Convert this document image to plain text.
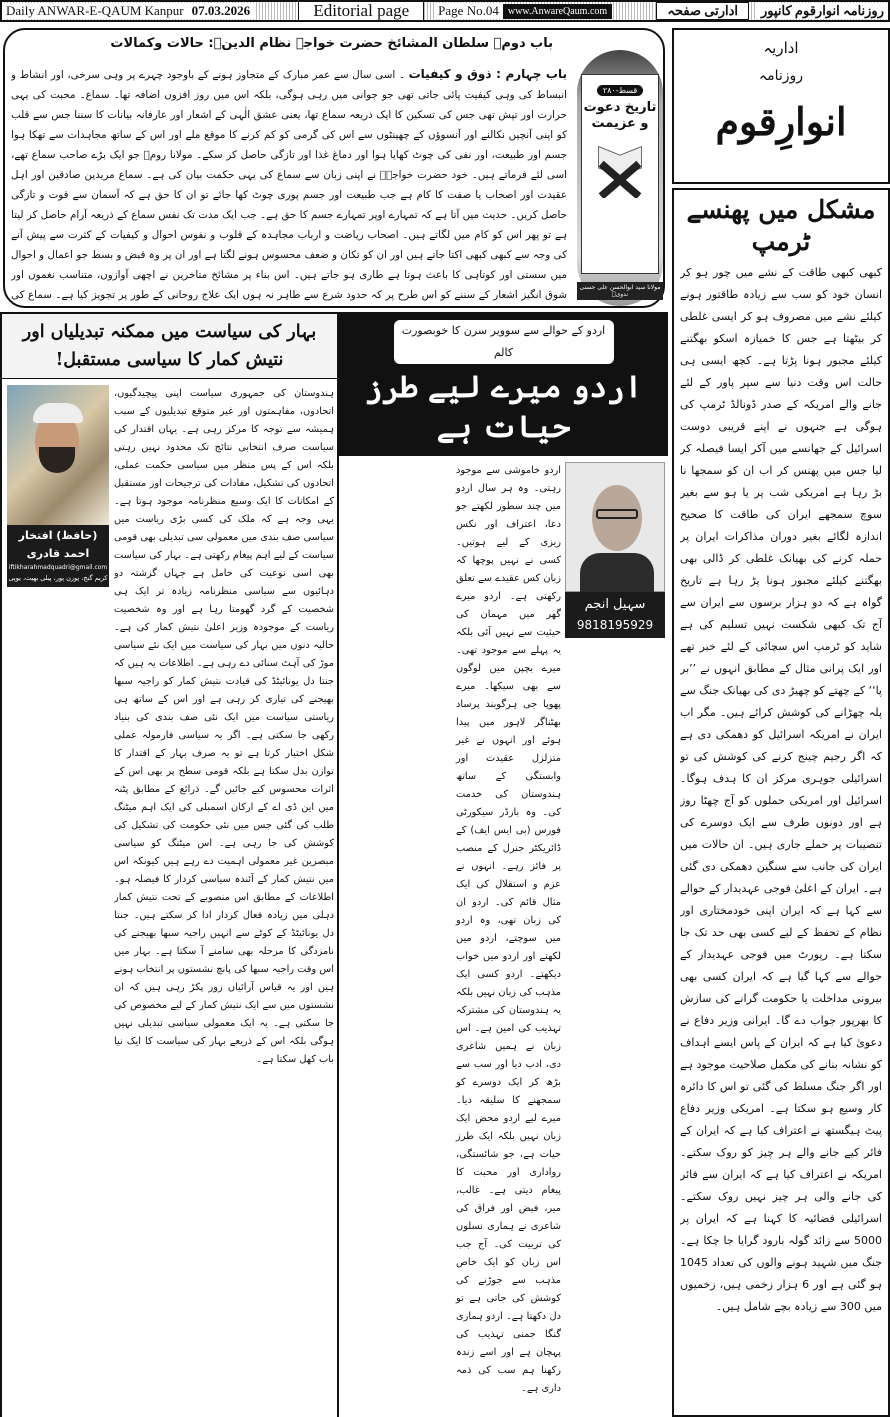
Daily ANWAR-E-QAUM Kanpur 07.03.2026	Editorial page	Page No.04 www.AnwareQaum.com	ادارتی صفحہ	روزنامہ انوارقوم کانپور
باب دوم۔ سلطان المشائخ حضرت خواجہ نظام الدینؒ: حالات وکمالات
باب چہارم : ذوق و کیفیات ۔ اسی سال سے عمر مبارک کے متجاوز ہونے کے باوجود چہرے پر وہی سرخی، اور انشاط و انبساط کی وہی کیفیت پائی جاتی تھی جو جوانی میں رہی ہوگی، بلکہ اس میں روز افزوں اضافہ تھا۔ سماع۔ محبت کی یہی حرارت اور تپش تھی جس کی تسکین کا ایک ذریعہ سماع تھا، یعنی عشق الٰہی کے اشعار اور عارفانہ بیانات کا سننا جس سے قلب کو اپنی آنچیں نکالنے اور آنسوؤں کے چھینٹوں سے اس کی گرمی کو کم کرنے کا موقع ملے اور اس کے ساتھ مجاہدات سے تھکا ہوا جسم اور طبیعت، اور نفی کی چوٹ کھایا ہوا اور دماغ غذا اور تازگی حاصل کر سکے۔ مولانا رومؒ جو ایک بڑے صاحب سماع تھے، اسی لئے فرماتے ہیں۔ خود حضرت خواجہؒ نے اپنی زبان سے سماع کی یہی حکمت بیان کی ہے۔ سماع مریدین صادقین اور اہل عقیدت اور اصحاب یا صفت کا کام ہے جب طبیعت اور جسم پوری چوٹ کھا جائے تو ان کا حق ہے کہ آسمان سے قوت و تازگی حاصل کریں۔ حدیث میں آتا ہے کہ تمہارے اوپر تمہارے جسم کا حق ہے۔ جب ایک مدت تک نفس سماع کے ذریعہ آرام حاصل کر لیتا ہے تو پھر اس کو کام میں لگاتے ہیں۔ اصحاب ریاضت و ارباب مجاہدہ کے قلوب و نفوس احوال و کیفیات کے کثرت سے پیش آنے کی وجہ سے کبھی کبھی اکتا جاتے ہیں اور ان کو تکان و ضعف محسوس ہونے لگتا ہے اور ان پر وہ قبض و بسط جو اعمال و احوال میں سستی اور کوتاہی کا باعث ہوتا ہے طاری ہو جاتے ہیں۔ اس بناء پر مشائخ متاخرین نے اچھی آوازوں، متناسب نغموں اور شوق انگیز اشعار کے سننے کو اس طرح پر کہ حدود شرع سے طاہر نہ ہوں ایک علاج روحانی کے طور پر تجویز کیا ہے۔ سماع کی
قسط-۲۸۰
تاریخ دعوت و عزیمت
مولانا سید ابوالحسن علی حسنی ندویؒ
اداریہ
روزنامہ
انوارِقوم
مشکل میں پھنسے ٹرمپ
کبھی کبھی طاقت کے نشے میں چور ہو کر انسان خود کو سب سے زیادہ طاقتور ہونے کیلئے نشے میں مصروف ہو کر ایسی غلطی کر بیٹھتا ہے جس کا خمیازہ اسکو بھگتنے کیلئے مجبور ہونا پڑتا ہے۔ کچھ ایسی ہی حالت اس وقت دنیا سے سپر پاور کے لئے جانے والے امریکہ کے صدر ڈونالڈ ٹرمپ کی ہوگی ہے جنہوں نے اپنے قریبی دوست اسرائیل کے جھانسے میں آکر ایسا فیصلہ کر لیا جس میں پھنس کر اب ان کو سمجھا نا بڑ رہا ہے امریکی شب پر یا ہو سے بغیر سوچ سمجھے ایران کی طاقت کا صحیح اندازہ لگائے بغیر دوران مذاکرات ایران پر حملہ کرنے کی بھیانک غلطی کر ڈالی بھی بھگتنے کیلئے مجبور ہونا پڑ رہا ہے تاریخ گواہ ہے کہ دو ہزار برسوں سے ایران سے آج تک کبھی شکست نہیں تسلیم کی ہے شاید کو ٹرمپ اس سچائی کے لئے خبر تھے اور ایک پرانی مثال کے مطابق انہوں نے ’’بر پا‘‘ کے چھتے کو چھیڑ دی کی بھیانک جنگ سے پلہ چھڑانے کی کوشش کرائے ہیں۔ مگر اب ایران نے امریکہ اسرائیل کو دھمکی دی ہے کہ اگر رجیم چینج کرنے کی کوشش کی تو اسرائیلی جوہری مرکز ان کا ہدف ہوگا۔ اسرائیل اور امریکی حملوں کو آج چھٹا روز ہے اور دونوں طرف سے ایک دوسرے کی تنصیبات پر حملے جاری ہیں۔ ان حالات میں ایران کی جانب سے سنگین دھمکی دی گئی ہے۔ ایران کے اعلیٰ فوجی عہدیدار کے حوالے سے کہا ہے کہ ایران اپنی خودمختاری اور نظام کے تحفظ کے لیے کسی بھی حد تک جا سکتا ہے۔ رپورٹ میں فوجی عہدیدار کے حوالے سے کہا گیا ہے کہ ایران کسی بھی بیرونی مداخلت یا حکومت گرانے کی سازش کا بھرپور جواب دے گا۔ ایرانی وزیر دفاع نے دعویٰ کیا ہے کہ ایران کے پاس ایسے اہداف کو نشانہ بنانے کی مکمل صلاحیت موجود ہے اور اگر جنگ مسلط کی گئی تو اس کا دائرہ کار وسیع ہو سکتا ہے۔ امریکی وزیر دفاع پیٹ ہیگستھ نے اعتراف کیا ہے کہ ایران کے فائر کیے جانے والے ہر چیز کو روک سکتے۔ امریکہ نے اعتراف کیا ہے کہ ایران سے فائر کی جانے والی ہر چیز نہیں روک سکتے۔ اسرائیلی فضائیہ کا کہنا ہے کہ ایران پر 5000 سے زائد گولہ بارود گرایا جا چکا ہے۔ جنگ میں شہید ہونے والوں کی تعداد 1045 ہو گئی ہے اور 6 ہزار زخمی ہیں، زخمیوں میں 300 سے زیادہ بچے شامل ہیں۔
بہار کی سیاست میں ممکنہ تبدیلیاں اور نتیش کمار کا سیاسی مستقبل!
(حافظ) افتخار احمد قادری
iftikharahmadquadri@gmail.com
کریم گنج، پورن پور، پیلی بھیت، یوپی
ہندوستان کی جمہوری سیاست اپنی پیچیدگیوں، اتحادوں، مفاہمتوں اور غیر متوقع تبدیلیوں کے سبب ہمیشہ سے توجہ کا مرکز رہی ہے۔ یہاں اقتدار کی سیاست صرف انتخابی نتائج تک محدود نہیں رہتی بلکہ اس کے پس منظر میں سیاسی حکمت عملی، اتحادوں کی تشکیل، مفادات کی ترجیحات اور مستقبل کے امکانات کا ایک وسیع منظرنامہ موجود ہوتا ہے۔ یہی وجہ ہے کہ ملک کی کسی بڑی ریاست میں سیاسی صف بندی میں معمولی سی تبدیلی بھی قومی سیاست کے لیے اہم پیغام رکھتی ہے۔ بہار کی سیاست بھی اسی نوعیت کی حامل ہے جہاں گزشتہ دو دہائیوں سے سیاسی منظرنامہ زیادہ تر ایک ہی شخصیت کے گرد گھومتا رہا ہے اور وہ شخصیت ریاست کے موجودہ وزیر اعلیٰ نتیش کمار کی ہے۔ حالیہ دنوں میں بہار کی سیاست میں ایک نئے سیاسی موڑ کی آہٹ سنائی دے رہی ہے۔ اطلاعات یہ ہیں کہ جنتا دل یونائیٹڈ کی قیادت نتیش کمار کو راجیہ سبھا بھیجنے کی تیاری کر رہی ہے اور اس کے ساتھ ہی ریاستی سیاست میں ایک نئی صف بندی کی بنیاد رکھی جا سکتی ہے۔ اگر یہ سیاسی فارمولہ عملی شکل اختیار کرتا ہے تو یہ صرف بہار کے اقتدار کا توازن بدل سکتا ہے بلکہ قومی سطح پر بھی اس کے اثرات محسوس کیے جائیں گے۔ ذرائع کے مطابق پٹنہ میں این ڈی اے کے ارکان اسمبلی کی ایک اہم میٹنگ طلب کی گئی جس میں نئی حکومت کی تشکیل کی کوشش کی جا رہی ہے۔ اس میٹنگ کو سیاسی مبصرین غیر معمولی اہمیت دے رہے ہیں کیونکہ اس میں نتیش کمار کے آئندہ سیاسی کردار کا فیصلہ ہو۔ اطلاعات کے مطابق اس منصوبے کے تحت نتیش کمار دہلی میں زیادہ فعال کردار ادا کر سکتے ہیں۔ جنتا دل یونائیٹڈ کے کوٹے سے انہیں راجیہ سبھا بھیجنے کی نامزدگی کا مرحلہ بھی سامنے آ سکتا ہے۔ بہار میں اس وقت راجیہ سبھا کی پانچ نشستوں پر انتخاب ہونے ہیں اور یہ قیاس آرائیاں زور پکڑ رہی ہیں کہ ان نشستوں میں سے ایک نتیش کمار کے لیے مخصوص کی جا سکتی ہے۔ یہ ایک معمولی سیاسی تبدیلی نہیں ہوگی بلکہ اس کے ذریعے بہار کی سیاست کا ایک نیا باب کھل سکتا ہے۔
اردو کے حوالے سے سوویر سرن کا خوبصورت کالم
اردو میرے لیے طرز حیات ہے
سہیل انجم
9818195929
اردو خاموشی سے موجود رہتی۔ وہ ہر سال اردو میں چند سطور لکھتے جو دعا، اعتراف اور نکس ریزی کے لیے ہوتیں۔ کسی نے نہیں پوچھا کہ زبان کس عقیدے سے تعلق رکھتی ہے۔ اردو میرے گھر میں مہمان کی حیثیت سے نہیں آئی بلکہ یہ پہلے سے موجود تھی۔ میرے بچپن میں لوگوں سے بھی سیکھا۔ میرے پھوپا جی ہرگوبند پرساد بھٹناگر لاہور میں پیدا ہوئے اور انہوں نے غیر متزلزل عقیدت اور وابستگی کے ساتھ ہندوستان کی خدمت کی۔ وہ بارڈر سیکورٹی فورس (بی ایس ایف) کے ڈائریکٹر جنرل کے منصب پر فائز رہے۔ انہوں نے عزم و استقلال کی ایک مثال قائم کی۔ اردو ان کی زبان تھی، وہ اردو میں سوچتے، اردو میں لکھتے اور اردو میں خواب دیکھتے۔ اردو کسی ایک مذہب کی زبان نہیں بلکہ یہ ہندوستان کی مشترکہ تہذیب کی امین ہے۔ اس زبان نے ہمیں شاعری دی، ادب دیا اور سب سے بڑھ کر ایک دوسرے کو سمجھنے کا سلیقہ دیا۔ میرے لیے اردو محض ایک زبان نہیں بلکہ ایک طرز حیات ہے، جو شائستگی، رواداری اور محبت کا پیغام دیتی ہے۔ غالب، میر، فیض اور فراق کی شاعری نے ہماری نسلوں کی تربیت کی۔ آج جب اس زبان کو ایک خاص مذہب سے جوڑنے کی کوشش کی جاتی ہے تو دل دکھتا ہے۔ اردو ہماری گنگا جمنی تہذیب کی پہچان ہے اور اسے زندہ رکھنا ہم سب کی ذمہ داری ہے۔
